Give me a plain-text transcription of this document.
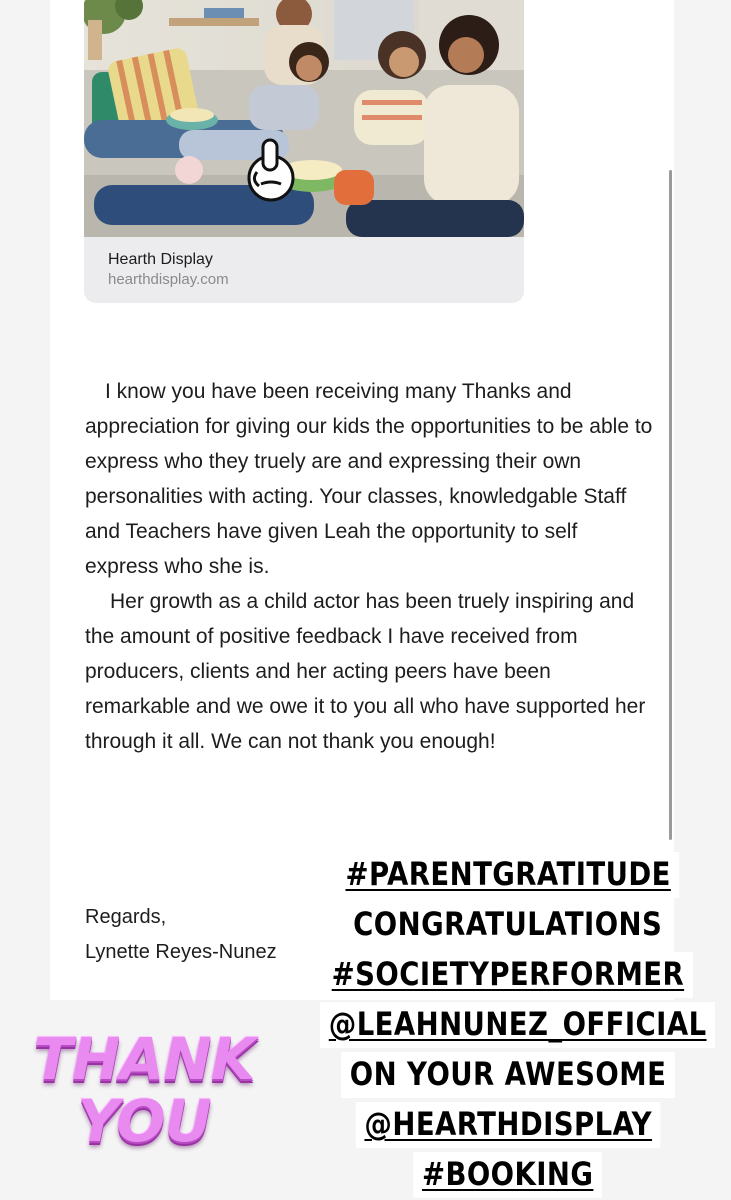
Hearth Display
hearthdisplay.com

I know you have been receiving many Thanks and appreciation for giving our kids the opportunities to be able to express who they truely are and expressing their own personalities with acting. Your classes, knowledgable Staff and Teachers have given Leah the opportunity to self express who she is.

Her growth as a child actor has been truely inspiring and the amount of positive feedback I have received from producers, clients and her acting peers have been remarkable and we owe it to you all who have supported her through it all. We can not thank you enough!

Regards,
Lynette Reyes-Nunez
THANK
YOU
#PARENTGRATITUDE
CONGRATULATIONS
#SOCIETYPERFORMER
@LEAHNUNEZ_OFFICIAL
ON YOUR AWESOME
@HEARTHDISPLAY
#BOOKING
